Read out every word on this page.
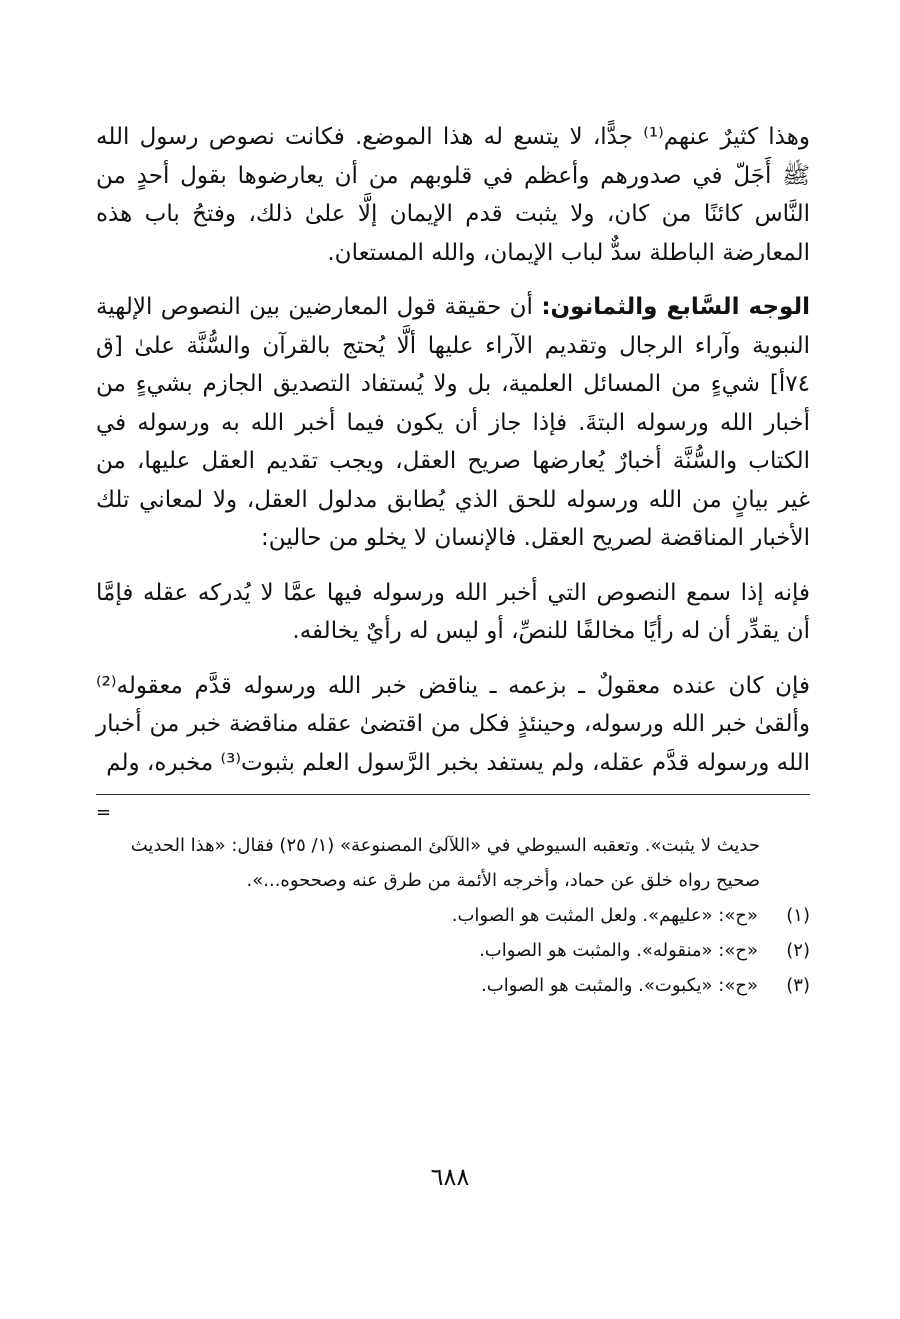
وهذا كثيرٌ عنهم⁽¹⁾ جدًّا، لا يتسع له هذا الموضع. فكانت نصوص رسول الله ﷺ أَجَلّ في صدورهم وأعظم في قلوبهم من أن يعارضوها بقول أحدٍ من النَّاس كائنًا من كان، ولا يثبت قدم الإيمان إلَّا علىٰ ذلك، وفتحُ باب هذه المعارضة الباطلة سدٌّ لباب الإيمان، والله المستعان.

الوجه السَّابع والثمانون: أن حقيقة قول المعارضين بين النصوص الإلهية النبوية وآراء الرجال وتقديم الآراء عليها ألَّا يُحتج بالقرآن والسُّنَّة علىٰ [ق ٧٤أ] شيءٍ من المسائل العلمية، بل ولا يُستفاد التصديق الجازم بشيءٍ من أخبار الله ورسوله البتةَ. فإذا جاز أن يكون فيما أخبر الله به ورسوله في الكتاب والسُّنَّة أخبارٌ يُعارضها صريح العقل، ويجب تقديم العقل عليها، من غير بيانٍ من الله ورسوله للحق الذي يُطابق مدلول العقل، ولا لمعاني تلك الأخبار المناقضة لصريح العقل. فالإنسان لا يخلو من حالين:

فإنه إذا سمع النصوص التي أخبر الله ورسوله فيها عمَّا لا يُدركه عقله فإمَّا أن يقدِّر أن له رأيًا مخالفًا للنصِّ، أو ليس له رأيٌ يخالفه.

فإن كان عنده معقولٌ ـ بزعمه ـ يناقض خبر الله ورسوله قدَّم معقوله⁽²⁾ وألقىٰ خبر الله ورسوله، وحينئذٍ فكل من اقتضىٰ عقله مناقضة خبر من أخبار الله ورسوله قدَّم عقله، ولم يستفد بخبر الرَّسول العلم بثبوت⁽³⁾ مخبره، ولم

=

حديث لا يثبت». وتعقبه السيوطي في «اللآلئ المصنوعة» (١/ ٢٥) فقال: «هذا الحديث صحيح رواه خلق عن حماد، وأخرجه الأئمة من طرق عنه وصححوه...».

(١)
«ح»: «عليهم». ولعل المثبت هو الصواب.
(٢)
«ح»: «منقوله». والمثبت هو الصواب.
(٣)
«ح»: «يكبوت». والمثبت هو الصواب.
٦٨٨
